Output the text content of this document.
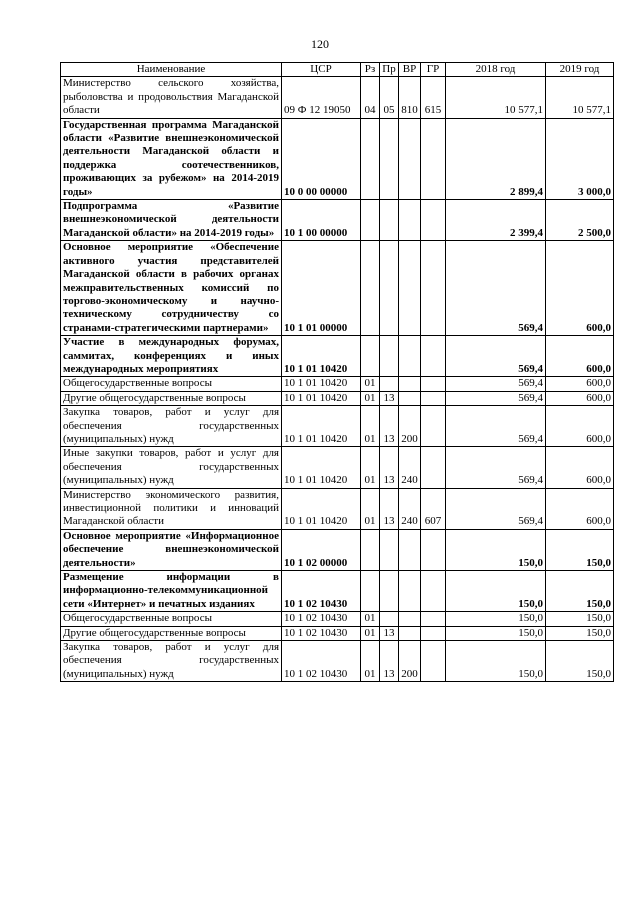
120
Наименование	ЦСР	Рз	Пр	ВР	ГР	2018 год	2019 год
Министерство сельского хозяйства, рыболовства и продовольствия Магаданской области	09 Ф 12 19050	04	05	810	615	10 577,1	10 577,1
Государственная программа Магаданской области «Развитие внешнеэкономической деятельности Магаданской области и поддержка соотечественников, проживающих за рубежом» на 2014-2019 годы»	10 0 00 00000					2 899,4	3 000,0
Подпрограмма «Развитие внешнеэкономической деятельности Магаданской области» на 2014-2019 годы»	10 1 00 00000					2 399,4	2 500,0
Основное мероприятие «Обеспечение активного участия представителей Магаданской области в рабочих органах межправительственных комиссий по торгово-экономическому и научно-техническому сотрудничеству со странами-стратегическими партнерами»	10 1 01 00000					569,4	600,0
Участие в международных форумах, саммитах, конференциях и иных международных мероприятиях	10 1 01 10420					569,4	600,0
Общегосударственные вопросы	10 1 01 10420	01				569,4	600,0
Другие общегосударственные вопросы	10 1 01 10420	01	13			569,4	600,0
Закупка товаров, работ и услуг для обеспечения государственных (муниципальных) нужд	10 1 01 10420	01	13	200		569,4	600,0
Иные закупки товаров, работ и услуг для обеспечения государственных (муниципальных) нужд	10 1 01 10420	01	13	240		569,4	600,0
Министерство экономического развития, инвестиционной политики и инноваций Магаданской области	10 1 01 10420	01	13	240	607	569,4	600,0
Основное мероприятие «Информационное обеспечение внешнеэкономической деятельности»	10 1 02 00000					150,0	150,0
Размещение информации в информационно-телекоммуникационной сети «Интернет» и печатных изданиях	10 1 02 10430					150,0	150,0
Общегосударственные вопросы	10 1 02 10430	01				150,0	150,0
Другие общегосударственные вопросы	10 1 02 10430	01	13			150,0	150,0
Закупка товаров, работ и услуг для обеспечения государственных (муниципальных) нужд	10 1 02 10430	01	13	200		150,0	150,0
